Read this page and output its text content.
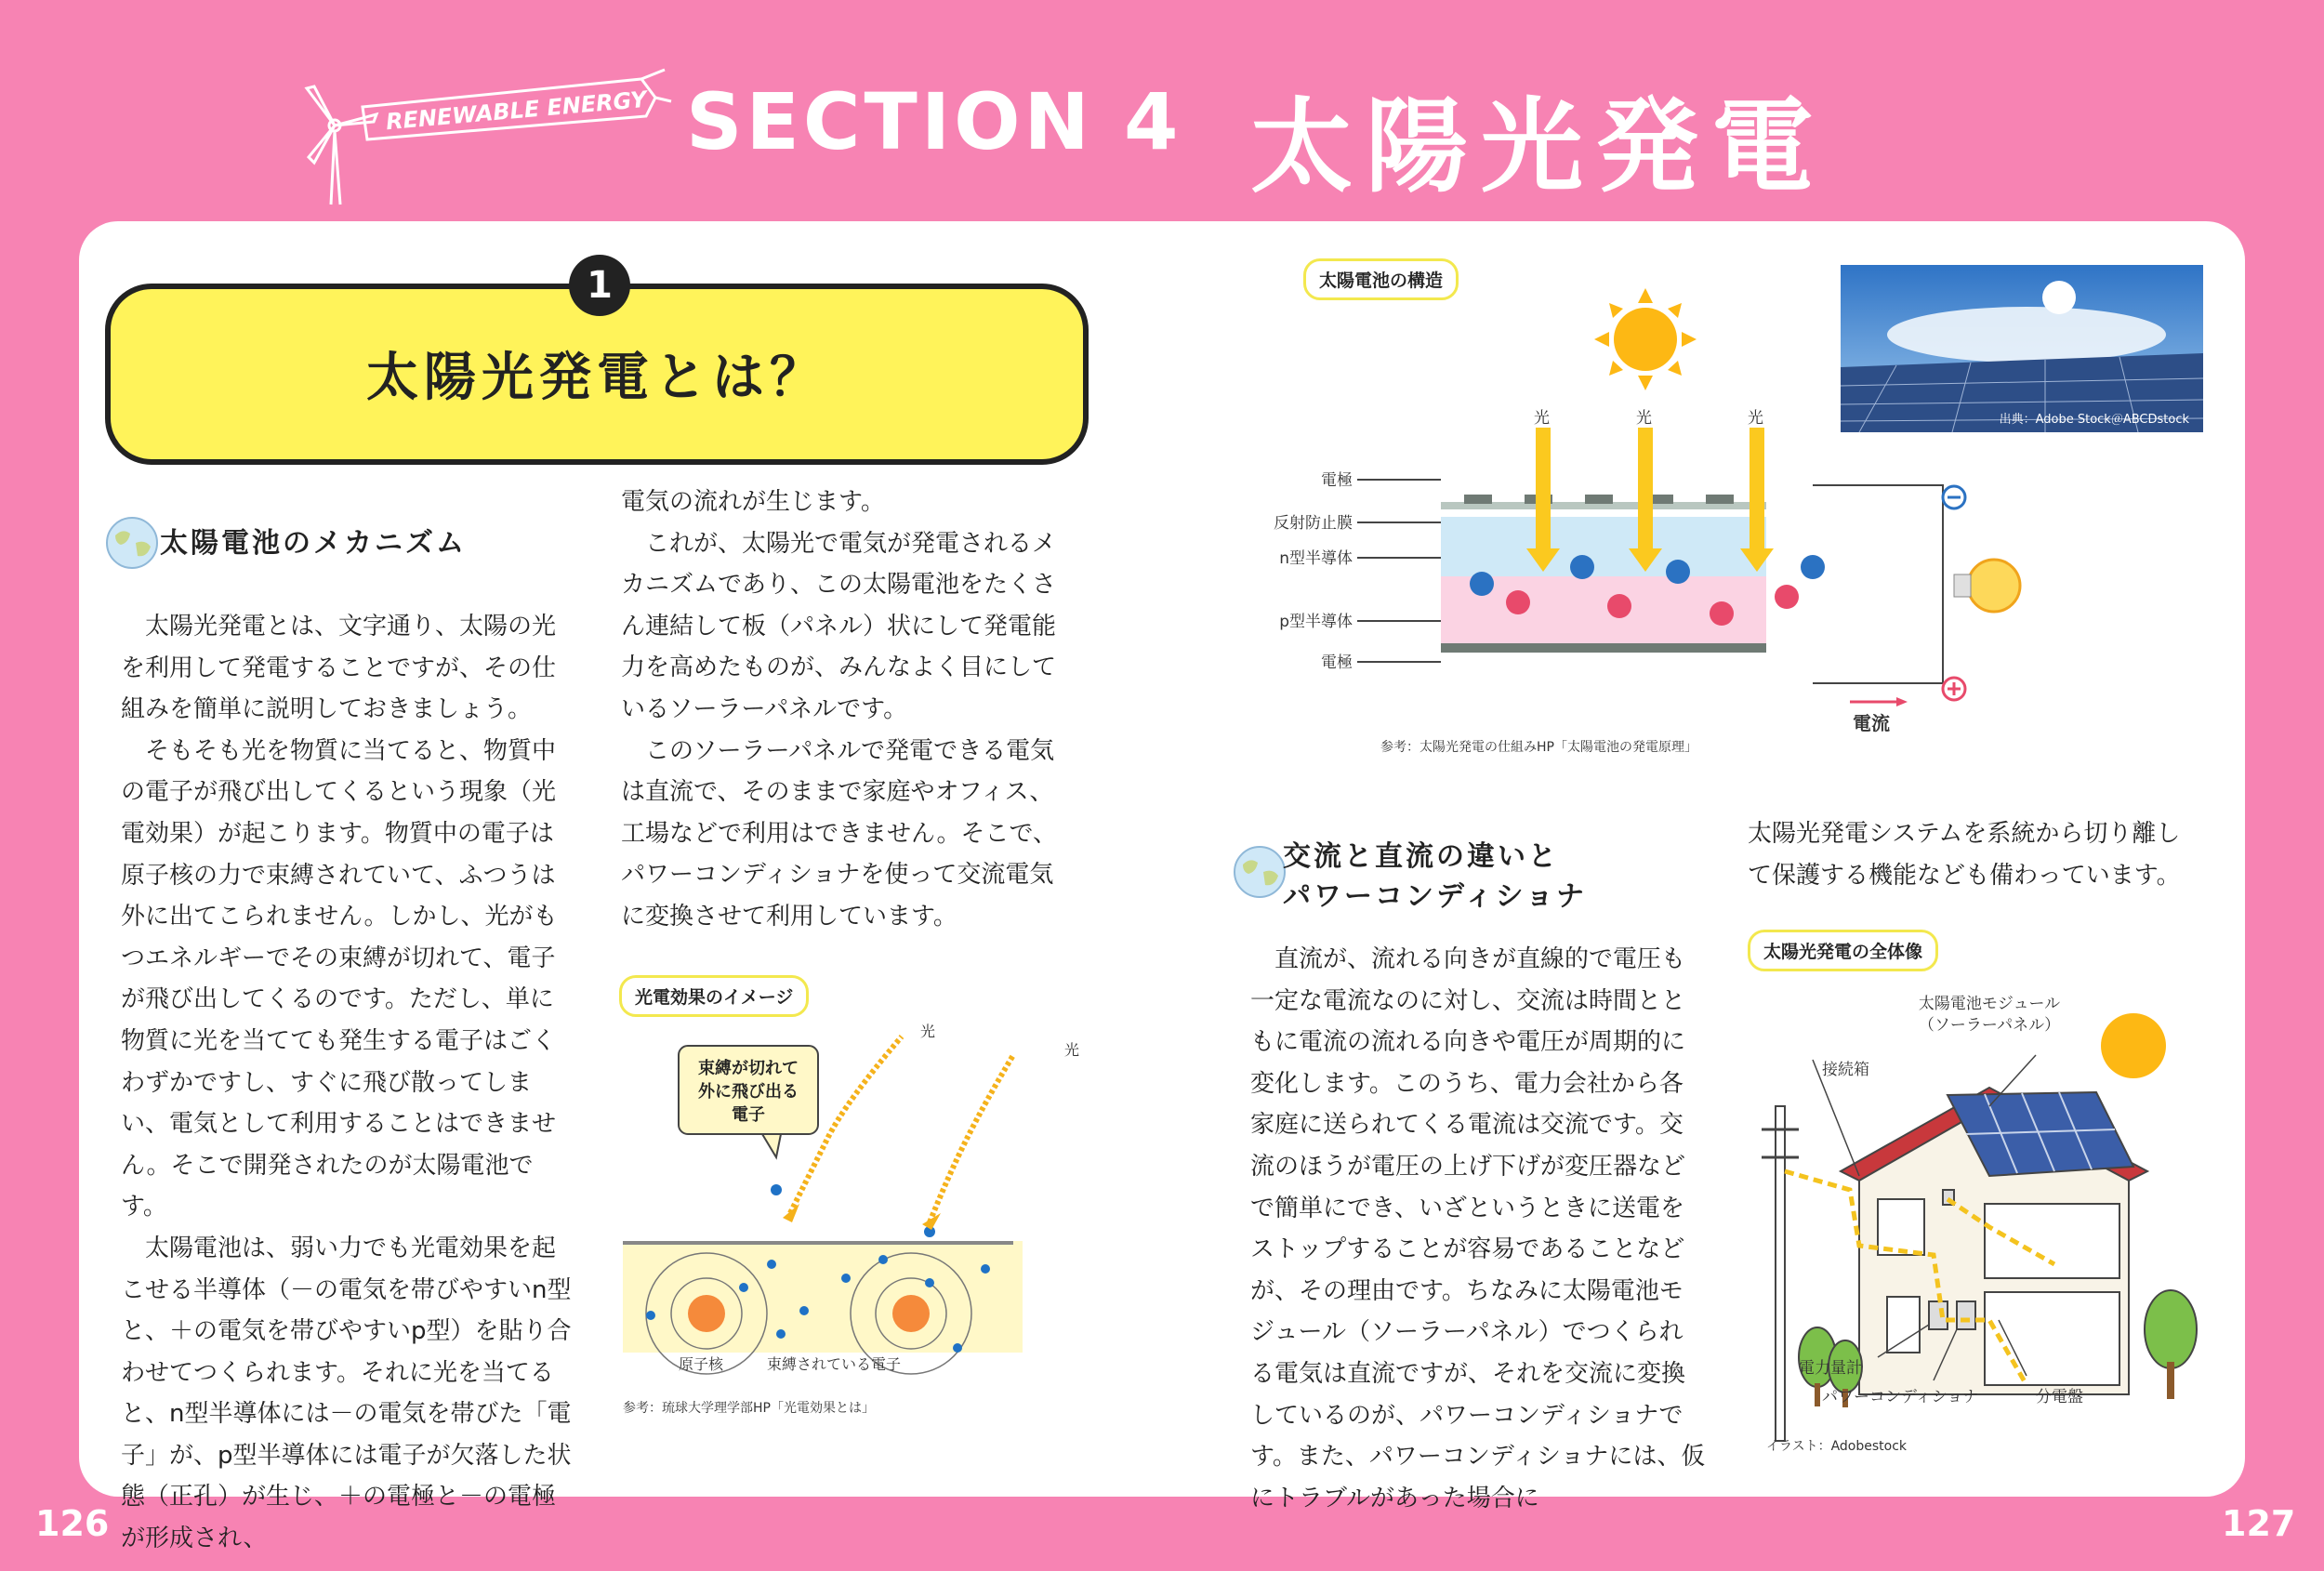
RENEWABLE ENERGY SECTION 4 太陽光発電
1
太陽光発電とは？
太陽電池のメカニズム

太陽光発電とは、文字通り、太陽の光を利用して発電することですが、その仕組みを簡単に説明しておきましょう。

そもそも光を物質に当てると、物質中の電子が飛び出してくるという現象（光電効果）が起こります。物質中の電子は原子核の力で束縛されていて、ふつうは外に出てこられません。しかし、光がもつエネルギーでその束縛が切れて、電子が飛び出してくるのです。ただし、単に物質に光を当てても発生する電子はごくわずかですし、すぐに飛び散ってしまい、電気として利用することはできません。そこで開発されたのが太陽電池です。

太陽電池は、弱い力でも光電効果を起こせる半導体（－の電気を帯びやすいn型と、＋の電気を帯びやすいp型）を貼り合わせてつくられます。それに光を当てると、n型半導体には－の電気を帯びた「電子」が、p型半導体には電子が欠落した状態（正孔）が生じ、＋の電極と－の電極が形成され、

電気の流れが生じます。

これが、太陽光で電気が発電されるメカニズムであり、この太陽電池をたくさん連結して板（パネル）状にして発電能力を高めたものが、みんなよく目にしているソーラーパネルです。

このソーラーパネルで発電できる電気は直流で、そのままで家庭やオフィス、工場などで利用はできません。そこで、パワーコンディショナを使って交流電気に変換させて利用しています。

光電効果のイメージ
束縛が切れて
外に飛び出る
電子
光
光
原子核	束縛されている電子
参考：琉球大学理学部HP「光電効果とは」
太陽電池の構造
出典：Adobe Stock＠ABCDstock
光	光	光
電極
反射防止膜
n型半導体
p型半導体
電極
電流
参考：太陽光発電の仕組みHP「太陽電池の発電原理」
交流と直流の違いと
パワーコンディショナ

直流が、流れる向きが直線的で電圧も一定な電流なのに対し、交流は時間とともに電流の流れる向きや電圧が周期的に変化します。このうち、電力会社から各家庭に送られてくる電流は交流です。交流のほうが電圧の上げ下げが変圧器などで簡単にでき、いざというときに送電をストップすることが容易であることなどが、その理由です。ちなみに太陽電池モジュール（ソーラーパネル）でつくられる電気は直流ですが、それを交流に変換しているのが、パワーコンディショナです。また、パワーコンディショナには、仮にトラブルがあった場合に

太陽光発電システムを系統から切り離して保護する機能なども備わっています。

太陽光発電の全体像
太陽電池モジュール
（ソーラーパネル）
接続箱
電力量計
パワーコンディショナ	分電盤
イラスト：Adobestock
126	127
